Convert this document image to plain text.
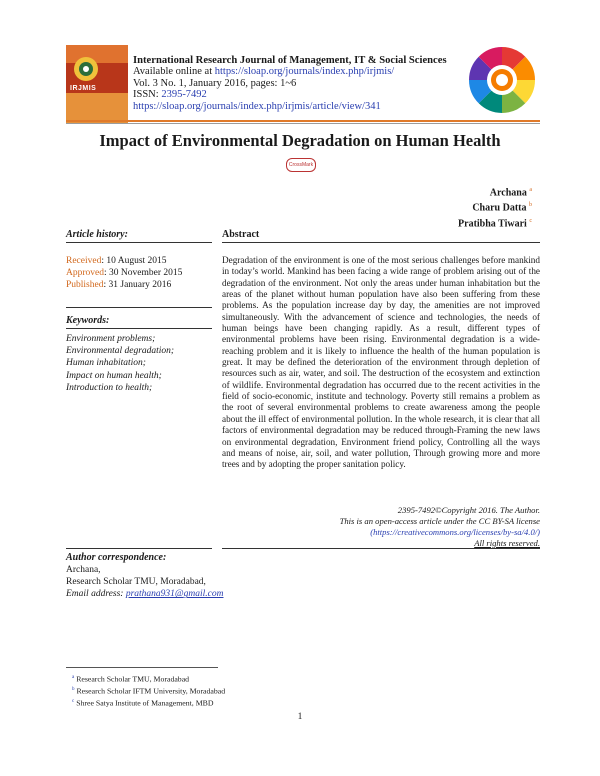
IRJMIS
International Research Journal of Management, IT & Social Sciences
Available online at https://sloap.org/journals/index.php/irjmis/
Vol. 3 No. 1, January 2016, pages: 1~6
ISSN: 2395-7492
https://sloap.org/journals/index.php/irjmis/article/view/341
Impact of Environmental Degradation on Human Health
CrossMark
Archana $^a$
Charu Datta $^b$
Pratibha Tiwari $^c$
Article history:
Received: 10 August 2015
Approved: 30 November 2015
Published: 31 January 2016
Keywords:
Environment problems;
Environmental degradation;
Human inhabitation;
Impact on human health;
Introduction to health;
Abstract
Degradation of the environment is one of the most serious challenges before mankind in today’s world. Mankind has been facing a wide range of problem arising out of the degradation of the environment. Not only the areas under human inhabitation but the areas of the planet without human population have also been suffering from these problems. As the population increase day by day, the amenities are not improved simultaneously. With the advancement of science and technologies, the needs of human beings have been changing rapidly. As a result, different types of environmental problems have been rising. Environmental degradation is a wide-reaching problem and it is likely to influence the health of the human population is great. It may be defined the deterioration of the environment through depletion of resources such as air, water, and soil. The destruction of the ecosystem and extinction of wildlife. Environmental degradation has occurred due to the recent activities in the field of socio-economic, institute and technology. Poverty still remains a problem as the root of several environmental problems to create awareness among the people about the ill effect of environmental pollution. In the whole research, it is clear that all factors of environmental degradation may be reduced through-Framing the new laws on environmental degradation, Environment friend policy, Controlling all the ways and means of noise, air, soil, and water pollution, Through growing more and more trees and by adopting the proper sanitation policy.
2395-7492©Copyright 2016. The Author.
This is an open-access article under the CC BY-SA license
(https://creativecommons.org/licenses/by-sa/4.0/)
All rights reserved.
Author correspondence:
Archana,
Research Scholar TMU, Moradabad,
Email address: prathana931@gmail.com
$^a$ Research Scholar TMU, Moradabad
$^b$ Research Scholar IFTM University, Moradabad
$^c$ Shree Satya Institute of Management, MBD
1
